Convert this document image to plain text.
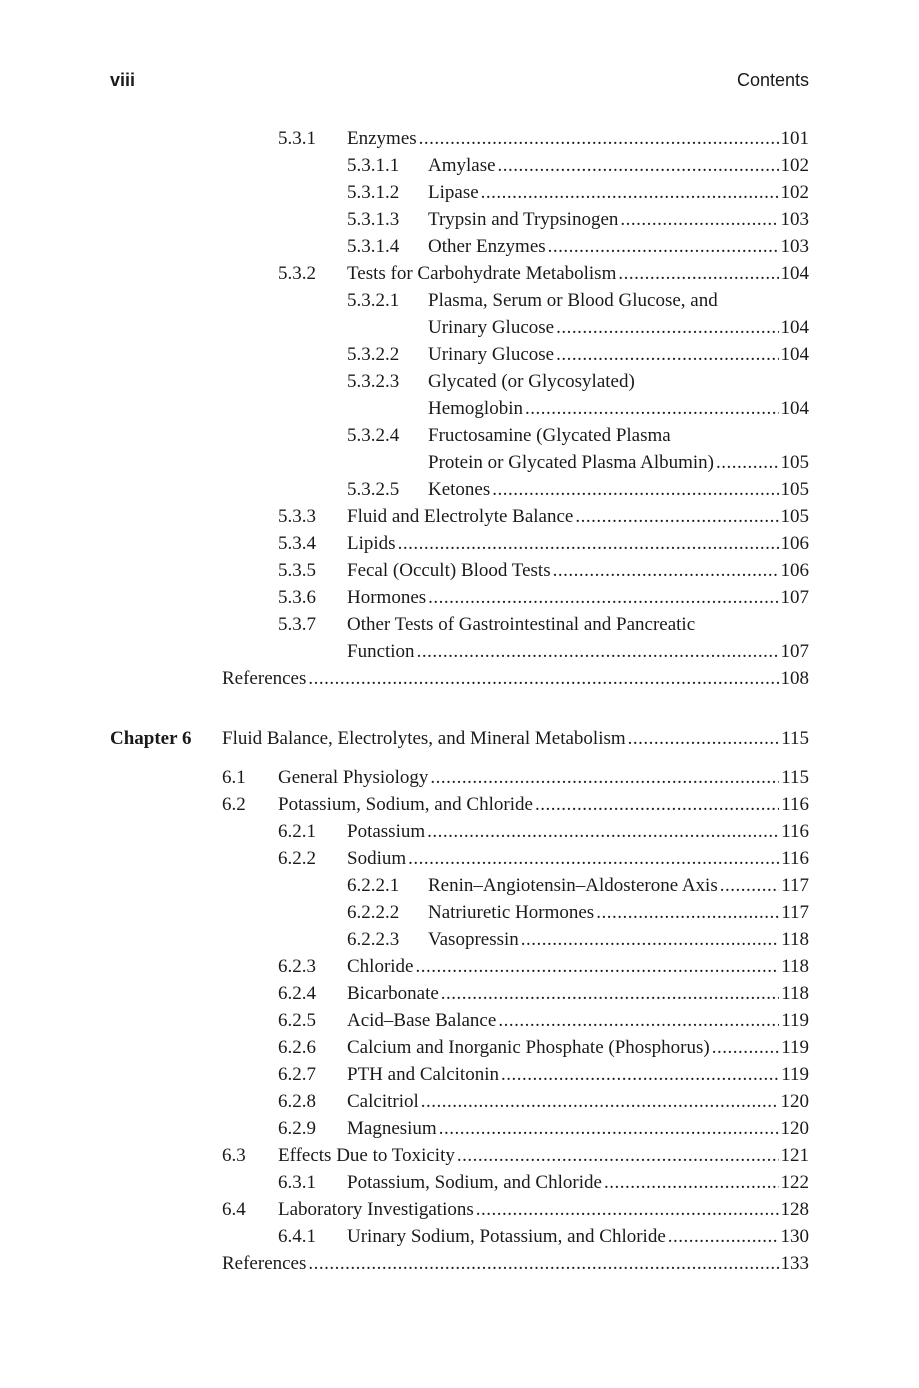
viii	Contents
5.3.1 Enzymes .....	101
5.3.1.1 Amylase .....	102
5.3.1.2 Lipase .....	102
5.3.1.3 Trypsin and Trypsinogen .....	103
5.3.1.4 Other Enzymes .....	103
5.3.2 Tests for Carbohydrate Metabolism .....	104
5.3.2.1 Plasma, Serum or Blood Glucose, and
Urinary Glucose .....	104
5.3.2.2 Urinary Glucose .....	104
5.3.2.3 Glycated (or Glycosylated)
Hemoglobin .....	104
5.3.2.4 Fructosamine (Glycated Plasma
Protein or Glycated Plasma Albumin) .....	105
5.3.2.5 Ketones .....	105
5.3.3 Fluid and Electrolyte Balance .....	105
5.3.4 Lipids .....	106
5.3.5 Fecal (Occult) Blood Tests .....	106
5.3.6 Hormones .....	107
5.3.7 Other Tests of Gastrointestinal and Pancreatic
Function .....	107
References .....	108
Chapter 6 Fluid Balance, Electrolytes, and Mineral Metabolism .....	115
6.1 General Physiology .....	115
6.2 Potassium, Sodium, and Chloride .....	116
6.2.1 Potassium .....	116
6.2.2 Sodium .....	116
6.2.2.1 Renin–Angiotensin–Aldosterone Axis .....	117
6.2.2.2 Natriuretic Hormones .....	117
6.2.2.3 Vasopressin .....	118
6.2.3 Chloride .....	118
6.2.4 Bicarbonate .....	118
6.2.5 Acid–Base Balance .....	119
6.2.6 Calcium and Inorganic Phosphate (Phosphorus) .....	119
6.2.7 PTH and Calcitonin .....	119
6.2.8 Calcitriol .....	120
6.2.9 Magnesium .....	120
6.3 Effects Due to Toxicity .....	121
6.3.1 Potassium, Sodium, and Chloride .....	122
6.4 Laboratory Investigations .....	128
6.4.1 Urinary Sodium, Potassium, and Chloride .....	130
References .....	133
